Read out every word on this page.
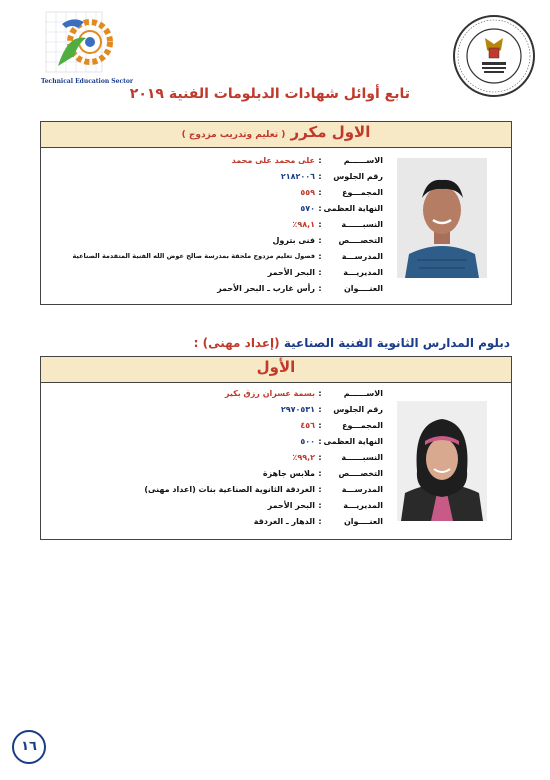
Technical Education Sector
تابع أوائل شهادات الدبلومات الفنية ٢٠١٩
الاول مكرر ( تعليم وتدريب مزدوج )
الاســــــم
:
على محمد على محمد
رقم الجلوس
:
٢١٨٢٠٠٦
المجمـــوع
:
٥٥٩
النهاية العظمى
:
٥٧٠
النسبــــــة
:
٩٨,١٪
التخصــــص
:
فنى بترول
المدرســـة
:
فصول تعليم مزدوج ملحقة بمدرسة صالح عوض الله الفنية المتقدمة الصناعية
المديريـــة
:
البحر الأحمر
العنــــوان
:
رأس غارب ـ البحر الأحمر
دبلوم المدارس الثانوية الفنية الصناعية (إعداد مهنى) :
الأول
الاســــــم
:
بسمة عسران رزق بكير
رقم الجلوس
:
٢٩٧٠٥٣١
المجمـــوع
:
٤٥٦
النهاية العظمى
:
٥٠٠
النسبــــــة
:
٩٩,٢٪
التخصــــص
:
ملابس جاهزة
المدرســـة
:
الغردقة الثانوية الصناعية بنات (اعداد مهنى)
المديريـــة
:
البحر الأحمر
العنــــوان
:
الدهار ـ الغردقة
١٦
